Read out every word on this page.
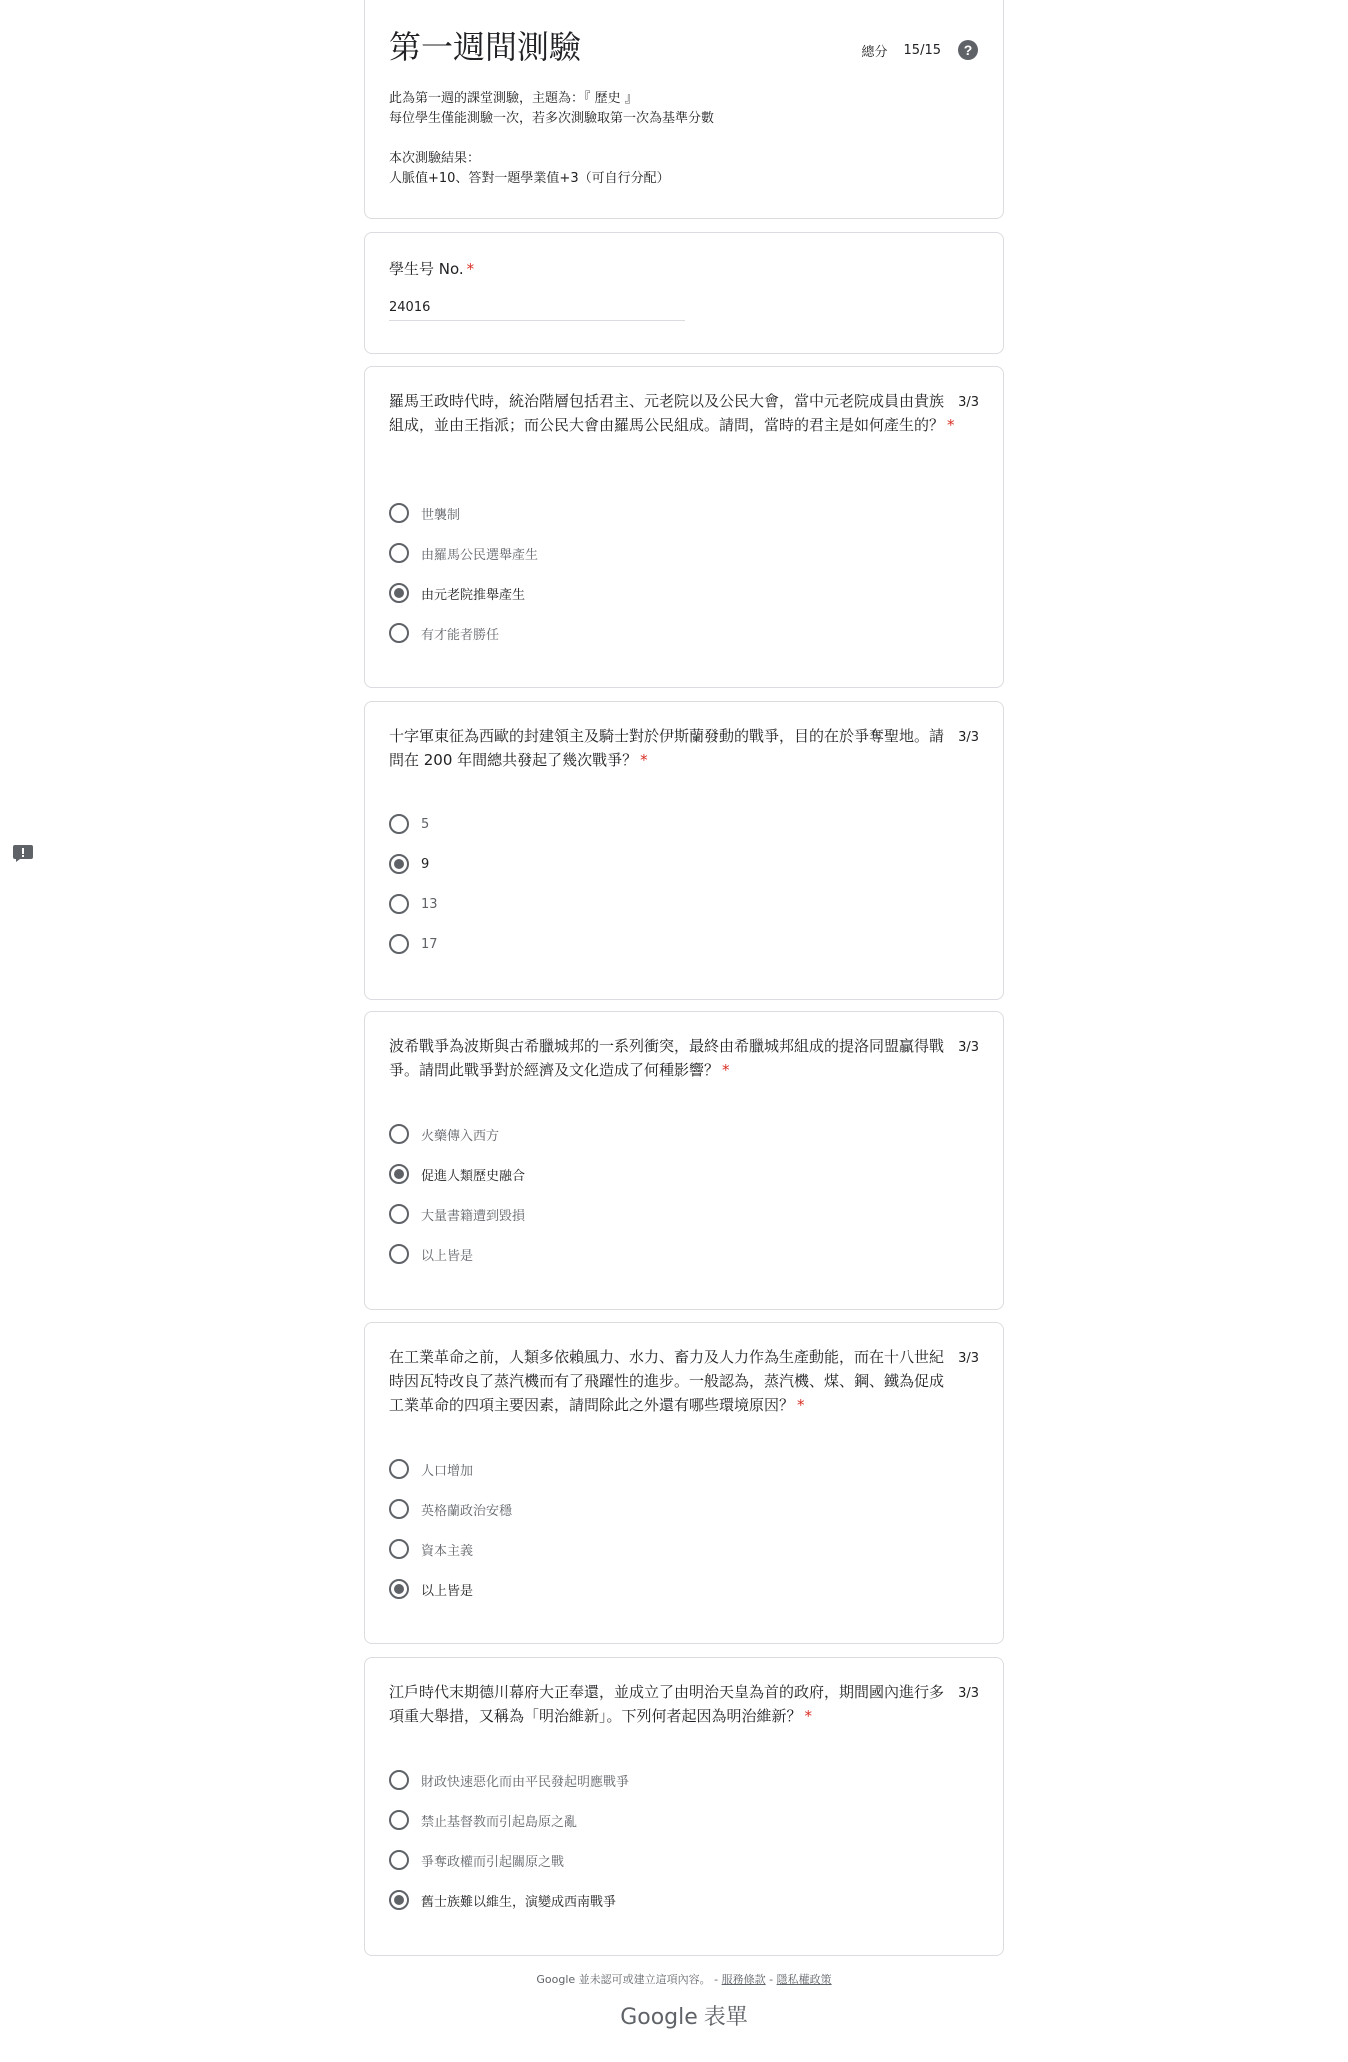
第一週間測驗	總分 15/15 ?
此為第一週的課堂測驗，主題為：『 歷史 』
每位學生僅能測驗一次，若多次測驗取第一次為基準分數
本次測驗結果：
人脈值+10、答對一題學業值+3（可自行分配）
學生号 No. *
24016
羅馬王政時代時，統治階層包括君主、元老院以及公民大會，當中元老院成員由貴族組成，並由王指派；而公民大會由羅馬公民組成。請問，當時的君主是如何產生的？ *
3/3
世襲制
由羅馬公民選舉產生
由元老院推舉產生
有才能者勝任
十字軍東征為西歐的封建領主及騎士對於伊斯蘭發動的戰爭，目的在於爭奪聖地。請問在 200 年間總共發起了幾次戰爭？ *
3/3
5
9
13
17
波希戰爭為波斯與古希臘城邦的一系列衝突，最終由希臘城邦組成的提洛同盟贏得戰爭。請問此戰爭對於經濟及文化造成了何種影響？ *
3/3
火藥傳入西方
促進人類歷史融合
大量書籍遭到毀損
以上皆是
在工業革命之前，人類多依賴風力、水力、畜力及人力作為生產動能，而在十八世紀時因瓦特改良了蒸汽機而有了飛躍性的進步。一般認為，蒸汽機、煤、鋼、鐵為促成工業革命的四項主要因素，請問除此之外還有哪些環境原因？ *
3/3
人口增加
英格蘭政治安穩
資本主義
以上皆是
江戶時代末期德川幕府大正奉還，並成立了由明治天皇為首的政府，期間國內進行多項重大舉措，又稱為「明治維新」。下列何者起因為明治維新？ *
3/3
財政快速惡化而由平民發起明應戰爭
禁止基督教而引起島原之亂
爭奪政權而引起關原之戰
舊士族難以維生，演變成西南戰爭
Google 並未認可或建立這項內容。 - 服務條款 - 隱私權政策
Google 表單
